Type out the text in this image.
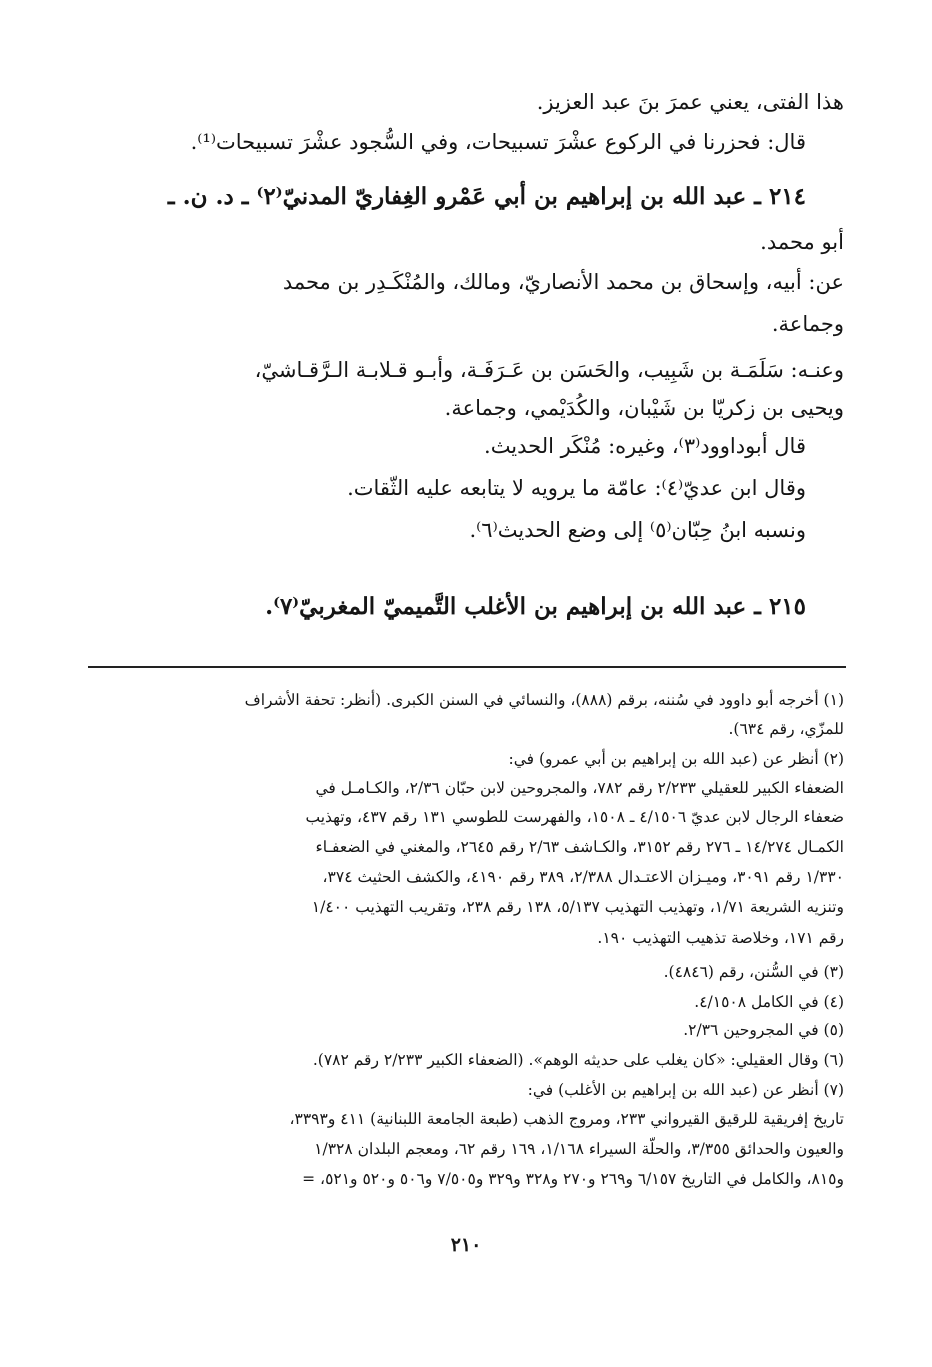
هذا الفتى، يعني عمرَ بنَ عبد العزيز.
قال: فحزرنا في الركوع عشْرَ تسبيحات، وفي السُّجود عشْرَ تسبيحات⁽¹⁾.
٢١٤ ـ عبد الله بن إبراهيم بن أبي عَمْرو الغِفاريّ المدنيّ⁽٢⁾ ـ د. ن. ـ
أبو محمد.
عن: أبيه، وإسحاق بن محمد الأنصاريّ، ومالك، والمُنْكَـدِر بن محمد
وجماعة.
وعنـه: سَلَمَـة بن شَبِيب، والحَسَن بن عَـرَفَـة، وأبـو قـلابـة الـرَّقـاشيّ،
ويحيى بن زكريّا بن شَيْبان، والكُدَيْمي، وجماعة.
قال أبوداوود⁽٣⁾، وغيره: مُنْكَر الحديث.
وقال ابن عديّ⁽٤⁾: عامّة ما يرويه لا يتابعه عليه الثّقات.
ونسبه ابنُ حِبّان⁽٥⁾ إلى وضع الحديث⁽٦⁾.
٢١٥ ـ عبد الله بن إبراهيم بن الأغلب التَّميميّ المغربيّ⁽٧⁾.
(١) أخرجه أبو داوود في سُننه، برقم (٨٨٨)، والنسائي في السنن الكبرى. (أنظر: تحفة الأشراف
للمزّي، رقم ٦٣٤).
(٢) أنظر عن (عبد الله بن إبراهيم بن أبي عمرو) في:
الضعفاء الكبير للعقيلي ٢/٢٣٣ رقم ٧٨٢، والمجروحين لابن حبّان ٢/٣٦، والكـامـل في
ضعفاء الرجال لابن عديّ ٤/١٥٠٦ ـ ١٥٠٨، والفهرست للطوسي ١٣١ رقم ٤٣٧، وتهذيب
الكمـال ١٤/٢٧٤ ـ ٢٧٦ رقم ٣١٥٢، والكـاشف ٢/٦٣ رقم ٢٦٤٥، والمغني في الضعفـاء
١/٣٣٠ رقم ٣٠٩١، وميـزان الاعتـدال ٢/٣٨٨، ٣٨٩ رقم ٤١٩٠، والكشف الحثيث ٣٧٤،
وتنزيه الشريعة ١/٧١، وتهذيب التهذيب ٥/١٣٧، ١٣٨ رقم ٢٣٨، وتقريب التهذيب ١/٤٠٠
رقم ١٧١، وخلاصة تذهيب التهذيب ١٩٠.
(٣) في السُّنن، رقم (٤٨٤٦).
(٤) في الكامل ٤/١٥٠٨.
(٥) في المجروحين ٢/٣٦.
(٦) وقال العقيلي: «كان يغلب على حديثه الوهم». (الضعفاء الكبير ٢/٢٣٣ رقم ٧٨٢).
(٧) أنظر عن (عبد الله بن إبراهيم بن الأغلب) في:
تاريخ إفريقية للرقيق القيرواني ٢٣٣، ومروج الذهب (طبعة الجامعة اللبنانية) ٤١١ و٣٣٩٣،
والعيون والحدائق ٣/٣٥٥، والحلّة السيراء ١/١٦٨، ١٦٩ رقم ٦٢، ومعجم البلدان ١/٣٢٨
و٨١٥، والكامل في التاريخ ٦/١٥٧ و٢٦٩ و٢٧٠ و٣٢٨ و٣٢٩ و٧/٥٠٥ و٥٠٦ و٥٢٠ و٥٢١، =
٢١٠
